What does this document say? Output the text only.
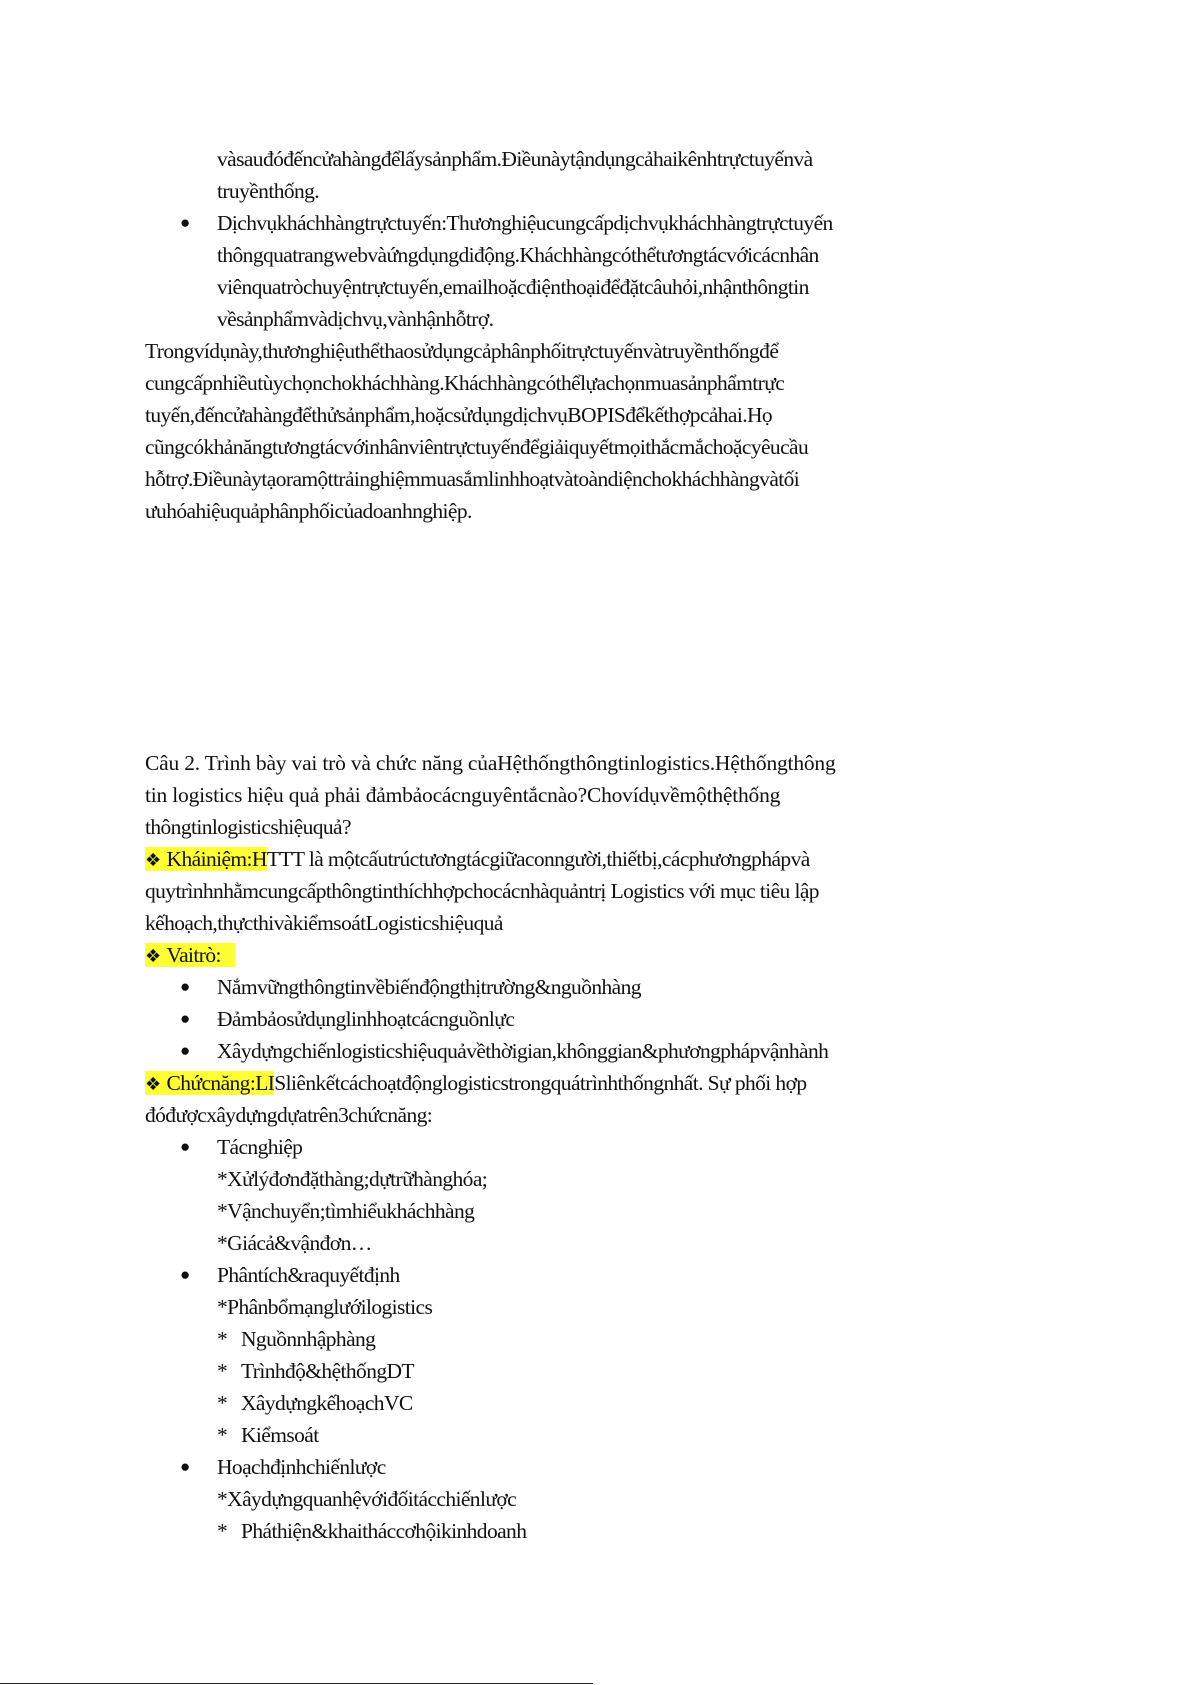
vàsauđóđếncửahàngđểlấysảnphẩm.Điềunàytậndụngcảhaikênhtrựctuyếnvà
truyềnthống.
● Dịchvụkháchhàngtrựctuyến:Thươnghiệucungcấpdịchvụkháchhàngtrựctuyến
thôngquatrangwebvàứngdụngdiđộng.Kháchhàngcóthểtươngtácvớicácnhân
viênquatròchuyệntrựctuyến,emailhoặcđiệnthoạiđểđặtcâuhỏi,nhậnthôngtin
vềsảnphẩmvàdịchvụ,vànhậnhỗtrợ.
Trongvídụnày,thươnghiệuthểthaosửdụngcảphânphốitrựctuyếnvàtruyềnthốngđể
cungcấpnhiềutùychọnchokháchhàng.Kháchhàngcóthểlựachọnmuasảnphẩmtrực
tuyến,đếncửahàngđểthửsảnphẩm,hoặcsửdụngdịchvụBOPISđểkếthợpcảhai.Họ
cũngcókhảnăngtươngtácvớinhânviêntrựctuyếnđểgiảiquyếtmọithắcmắchoặcyêucầu
hỗtrợ.Điềunàytạoramộttrảinghiệmmuasắmlinhhoạtvàtoàndiệnchokháchhàngvàtối
ưuhóahiệuquảphânphốicủadoanhnghiệp.
Câu 2. Trình bày vai trò và chức năng củaHệthốngthôngtinlogistics.Hệthốngthông
tin logistics hiệu quả phải đảmbảocácnguyêntắcnào?Chovídụvềmộthệthống
thôngtinlogisticshiệuquả?
❖ Kháiniệm:HTTT là mộtcấutrúctươngtácgiữaconngười,thiếtbị,cácphươngphápvà
quytrìnhnhằmcungcấpthôngtinthíchhợpchocácnhàquảntrị Logistics với mục tiêu lập
kếhoạch,thựcthivàkiểmsoátLogisticshiệuquả
❖ Vaitrò:
● Nắmvữngthôngtinvềbiếnđộngthịtrường&nguồnhàng
● Đảmbảosửdụnglinhhoạtcácnguồnlực
● Xâydựngchiếnlogisticshiệuquảvềthờigian,khônggian&phươngphápvậnhành
❖ Chứcnăng:LISliênkếtcáchoạtđộnglogisticstrongquátrìnhthốngnhất. Sự phối hợp
đóđượcxâydựngdựatrên3chứcnăng:
● Tácnghiệp
*Xửlýđơnđặthàng;dựtrữhànghóa;
*Vậnchuyển;tìmhiểukháchhàng
*Giácả&vậnđơn…
● Phântích&raquyếtđịnh
*Phânbổmạnglướilogistics
* Nguồnnhậphàng
* Trìnhđộ&hệthốngDT
* XâydựngkếhoạchVC
* Kiểmsoát
● Hoạchđịnhchiếnlược
*Xâydựngquanhệvớiđốitácchiếnlược
* Pháthiện&khaitháccơhộikinhdoanh
